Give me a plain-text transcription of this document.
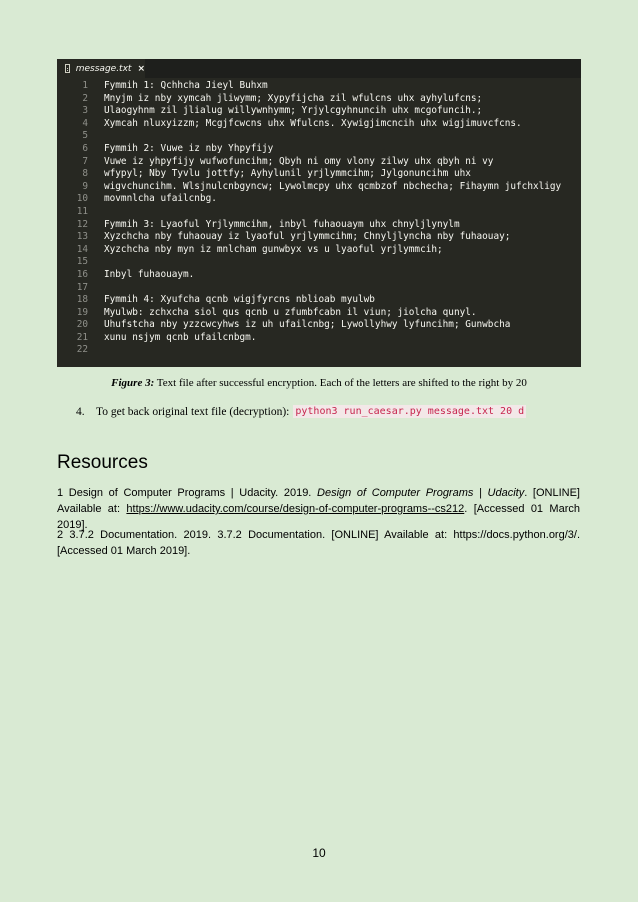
message.txt ×
1	Fymmih 1: Qchhcha Jieyl Buhxm
2	Mnyjm iz nby xymcah jliwymm; Xypyfijcha zil wfulcns uhx ayhylufcns;
3	Ulaogyhnm zil jlialug willywnhymm; Yrjylcgyhnuncih uhx mcgofuncih.;
4	Xymcah nluxyizzm; Mcgjfcwcns uhx Wfulcns. Xywigjimcncih uhx wigjimuvcfcns.
5
6	Fymmih 2: Vuwe iz nby Yhpyfijy
7	Vuwe iz yhpyfijy wufwofuncihm; Qbyh ni omy vlony zilwy uhx qbyh ni vy
8	wfypyl; Nby Tyvlu jottfy; Ayhylunil yrjlymmcihm; Jylgonuncihm uhx
9	wigvchuncihm. Wlsjnulcnbgyncw; Lywolmcpy uhx qcmbzof nbchecha; Fihaymn jufchxligy
10	movmnlcha ufailcnbg.
11
12	Fymmih 3: Lyaoful Yrjlymmcihm, inbyl fuhaouaym uhx chnyljlynylm
13	Xyzchcha nby fuhaouay iz lyaoful yrjlymmcihm; Chnyljlyncha nby fuhaouay;
14	Xyzchcha nby myn iz mnlcham gunwbyx vs u lyaoful yrjlymmcih;
15
16	Inbyl fuhaouaym.
17
18	Fymmih 4: Xyufcha qcnb wigjfyrcns nblioab myulwb
19	Myulwb: zchxcha siol qus qcnb u zfumbfcabn il viun; jiolcha qunyl.
20	Uhufstcha nby yzzcwcyhws iz uh ufailcnbg; Lywollyhwy lyfuncihm; Gunwbcha
21	xunu nsjym qcnb ufailcnbgm.
22
Figure 3: Text file after successful encryption. Each of the letters are shifted to the right by 20
4. To get back original text file (decryption): python3 run_caesar.py message.txt 20 d
Resources

1 Design of Computer Programs | Udacity. 2019. Design of Computer Programs | Udacity. [ONLINE] Available at: https://www.udacity.com/course/design-of-computer-programs--cs212. [Accessed 01 March 2019].

2 3.7.2 Documentation. 2019. 3.7.2 Documentation. [ONLINE] Available at: https://docs.python.org/3/. [Accessed 01 March 2019].

10
